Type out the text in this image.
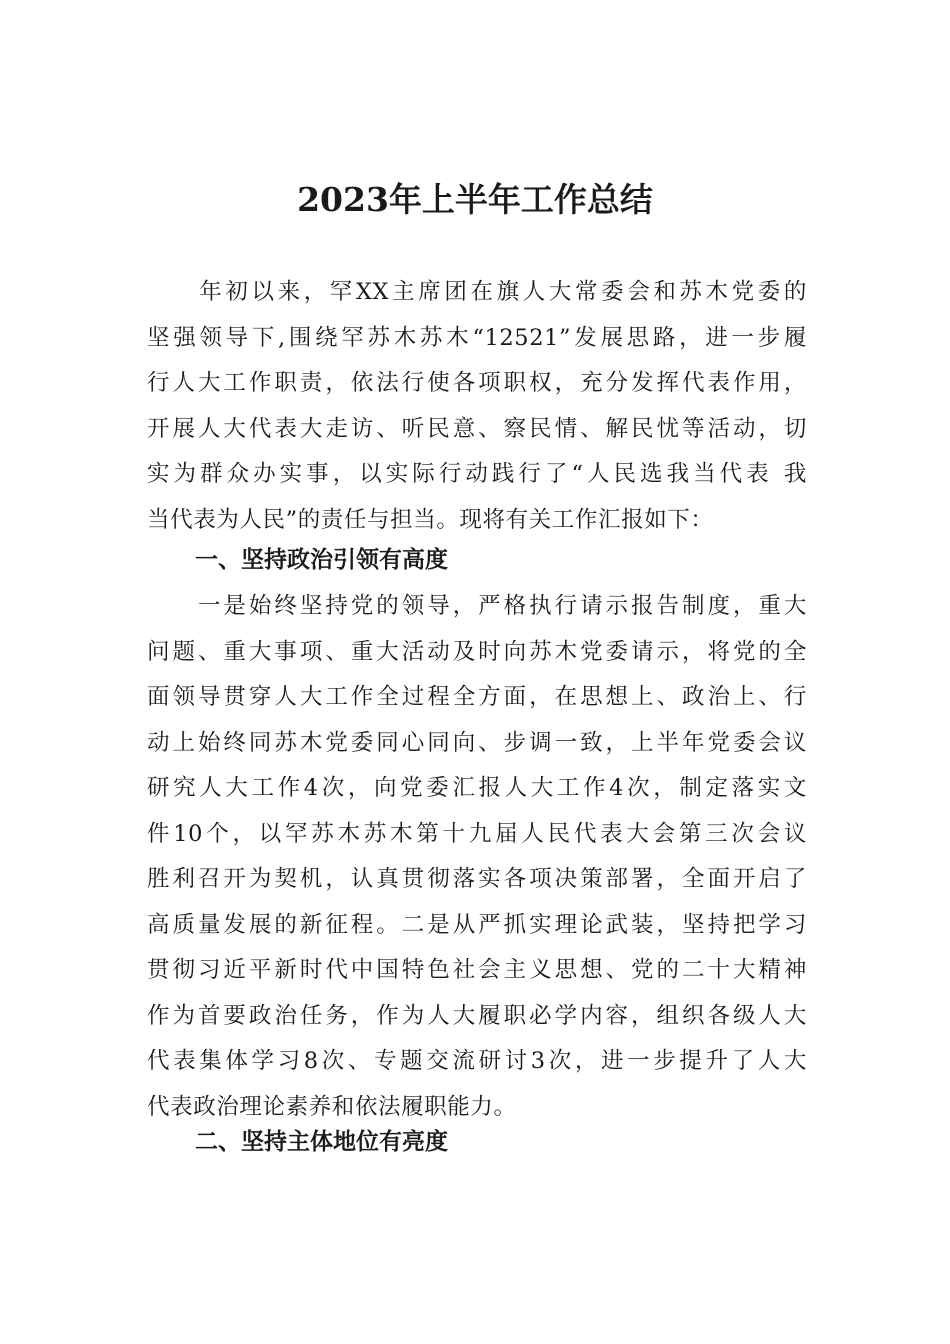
2023年上半年工作总结
　　年初以来，罕XX主席团在旗人大常委会和苏木党委的
坚强领导下,围绕罕苏木苏木“12521”发展思路，进一步履
行人大工作职责，依法行使各项职权，充分发挥代表作用，
开展人大代表大走访、听民意、察民情、解民忧等活动，切
实为群众办实事，以实际行动践行了“人民选我当代表 我
当代表为人民”的责任与担当。现将有关工作汇报如下：
一、坚持政治引领有高度
　　一是始终坚持党的领导，严格执行请示报告制度，重大
问题、重大事项、重大活动及时向苏木党委请示，将党的全
面领导贯穿人大工作全过程全方面，在思想上、政治上、行
动上始终同苏木党委同心同向、步调一致，上半年党委会议
研究人大工作4次，向党委汇报人大工作4次，制定落实文
件10个，以罕苏木苏木第十九届人民代表大会第三次会议
胜利召开为契机，认真贯彻落实各项决策部署，全面开启了
高质量发展的新征程。二是从严抓实理论武装，坚持把学习
贯彻习近平新时代中国特色社会主义思想、党的二十大精神
作为首要政治任务，作为人大履职必学内容，组织各级人大
代表集体学习8次、专题交流研讨3次，进一步提升了人大
代表政治理论素养和依法履职能力。
二、坚持主体地位有亮度
